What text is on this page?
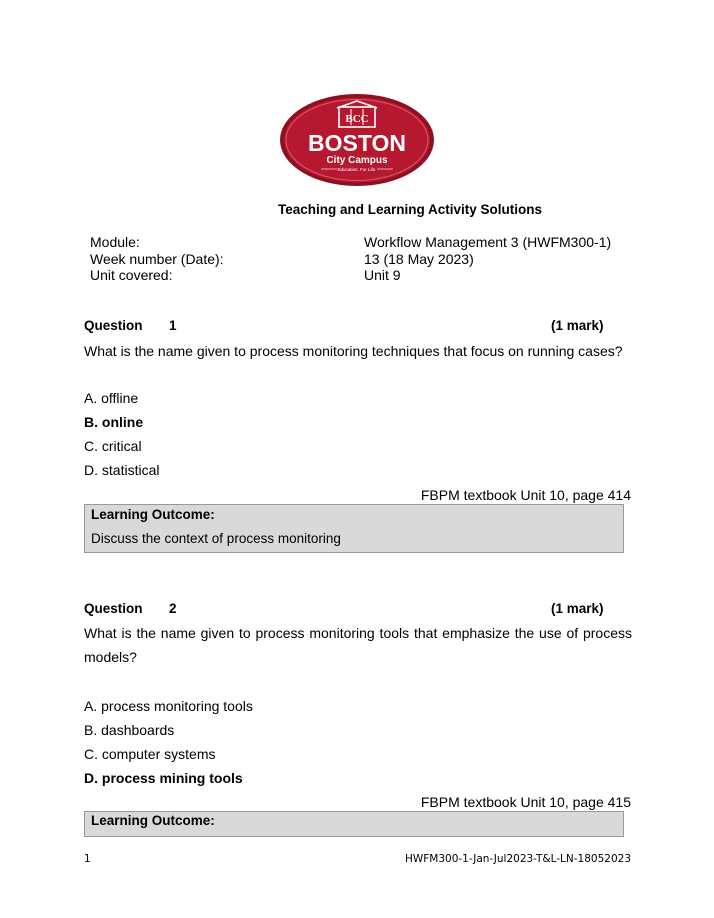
BCC
BOSTON
City Campus
Education. For Life.
Teaching and Learning Activity Solutions
Module:	Workflow Management 3 (HWFM300-1)
Week number (Date):	13 (18 May 2023)
Unit covered:	Unit 9
Question 1	(1 mark)
What is the name given to process monitoring techniques that focus on running cases?
A. offline
B. online
C. critical
D. statistical
FBPM textbook Unit 10, page 414
Learning Outcome:
Discuss the context of process monitoring
Question 2	(1 mark)
What is the name given to process monitoring tools that emphasize the use of process models?
A. process monitoring tools
B. dashboards
C. computer systems
D. process mining tools
FBPM textbook Unit 10, page 415
Learning Outcome:
1	HWFM300-1-Jan-Jul2023-T&L-LN-18052023
